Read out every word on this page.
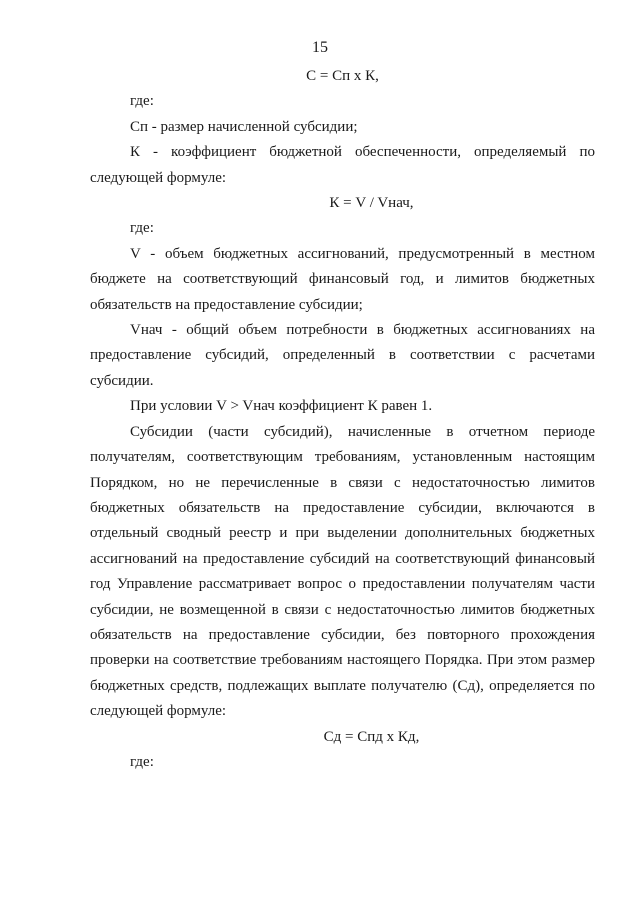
15

С = Сп х К,

где:

Сп - размер начисленной субсидии;

К - коэффициент бюджетной обеспеченности, определяемый по следующей формуле:

К = V / Vнач,

где:

V - объем бюджетных ассигнований, предусмотренный в местном бюджете на соответствующий финансовый год, и лимитов бюджетных обязательств на предоставление субсидии;

Vнач - общий объем потребности в бюджетных ассигнованиях на предоставление субсидий, определенный в соответствии с расчетами субсидии.

При условии V > Vнач коэффициент К равен 1.

Субсидии (части субсидий), начисленные в отчетном периоде получателям, соответствующим требованиям, установленным настоящим Порядком, но не перечисленные в связи с недостаточностью лимитов бюджетных обязательств на предоставление субсидии, включаются в отдельный сводный реестр и при выделении дополнительных бюджетных ассигнований на предоставление субсидий на соответствующий финансовый год Управление рассматривает вопрос о предоставлении получателям части субсидии, не возмещенной в связи с недостаточностью лимитов бюджетных обязательств на предоставление субсидии, без повторного прохождения проверки на соответствие требованиям настоящего Порядка. При этом размер бюджетных средств, подлежащих выплате получателю (Сд), определяется по следующей формуле:

Сд = Спд х Кд,

где:
